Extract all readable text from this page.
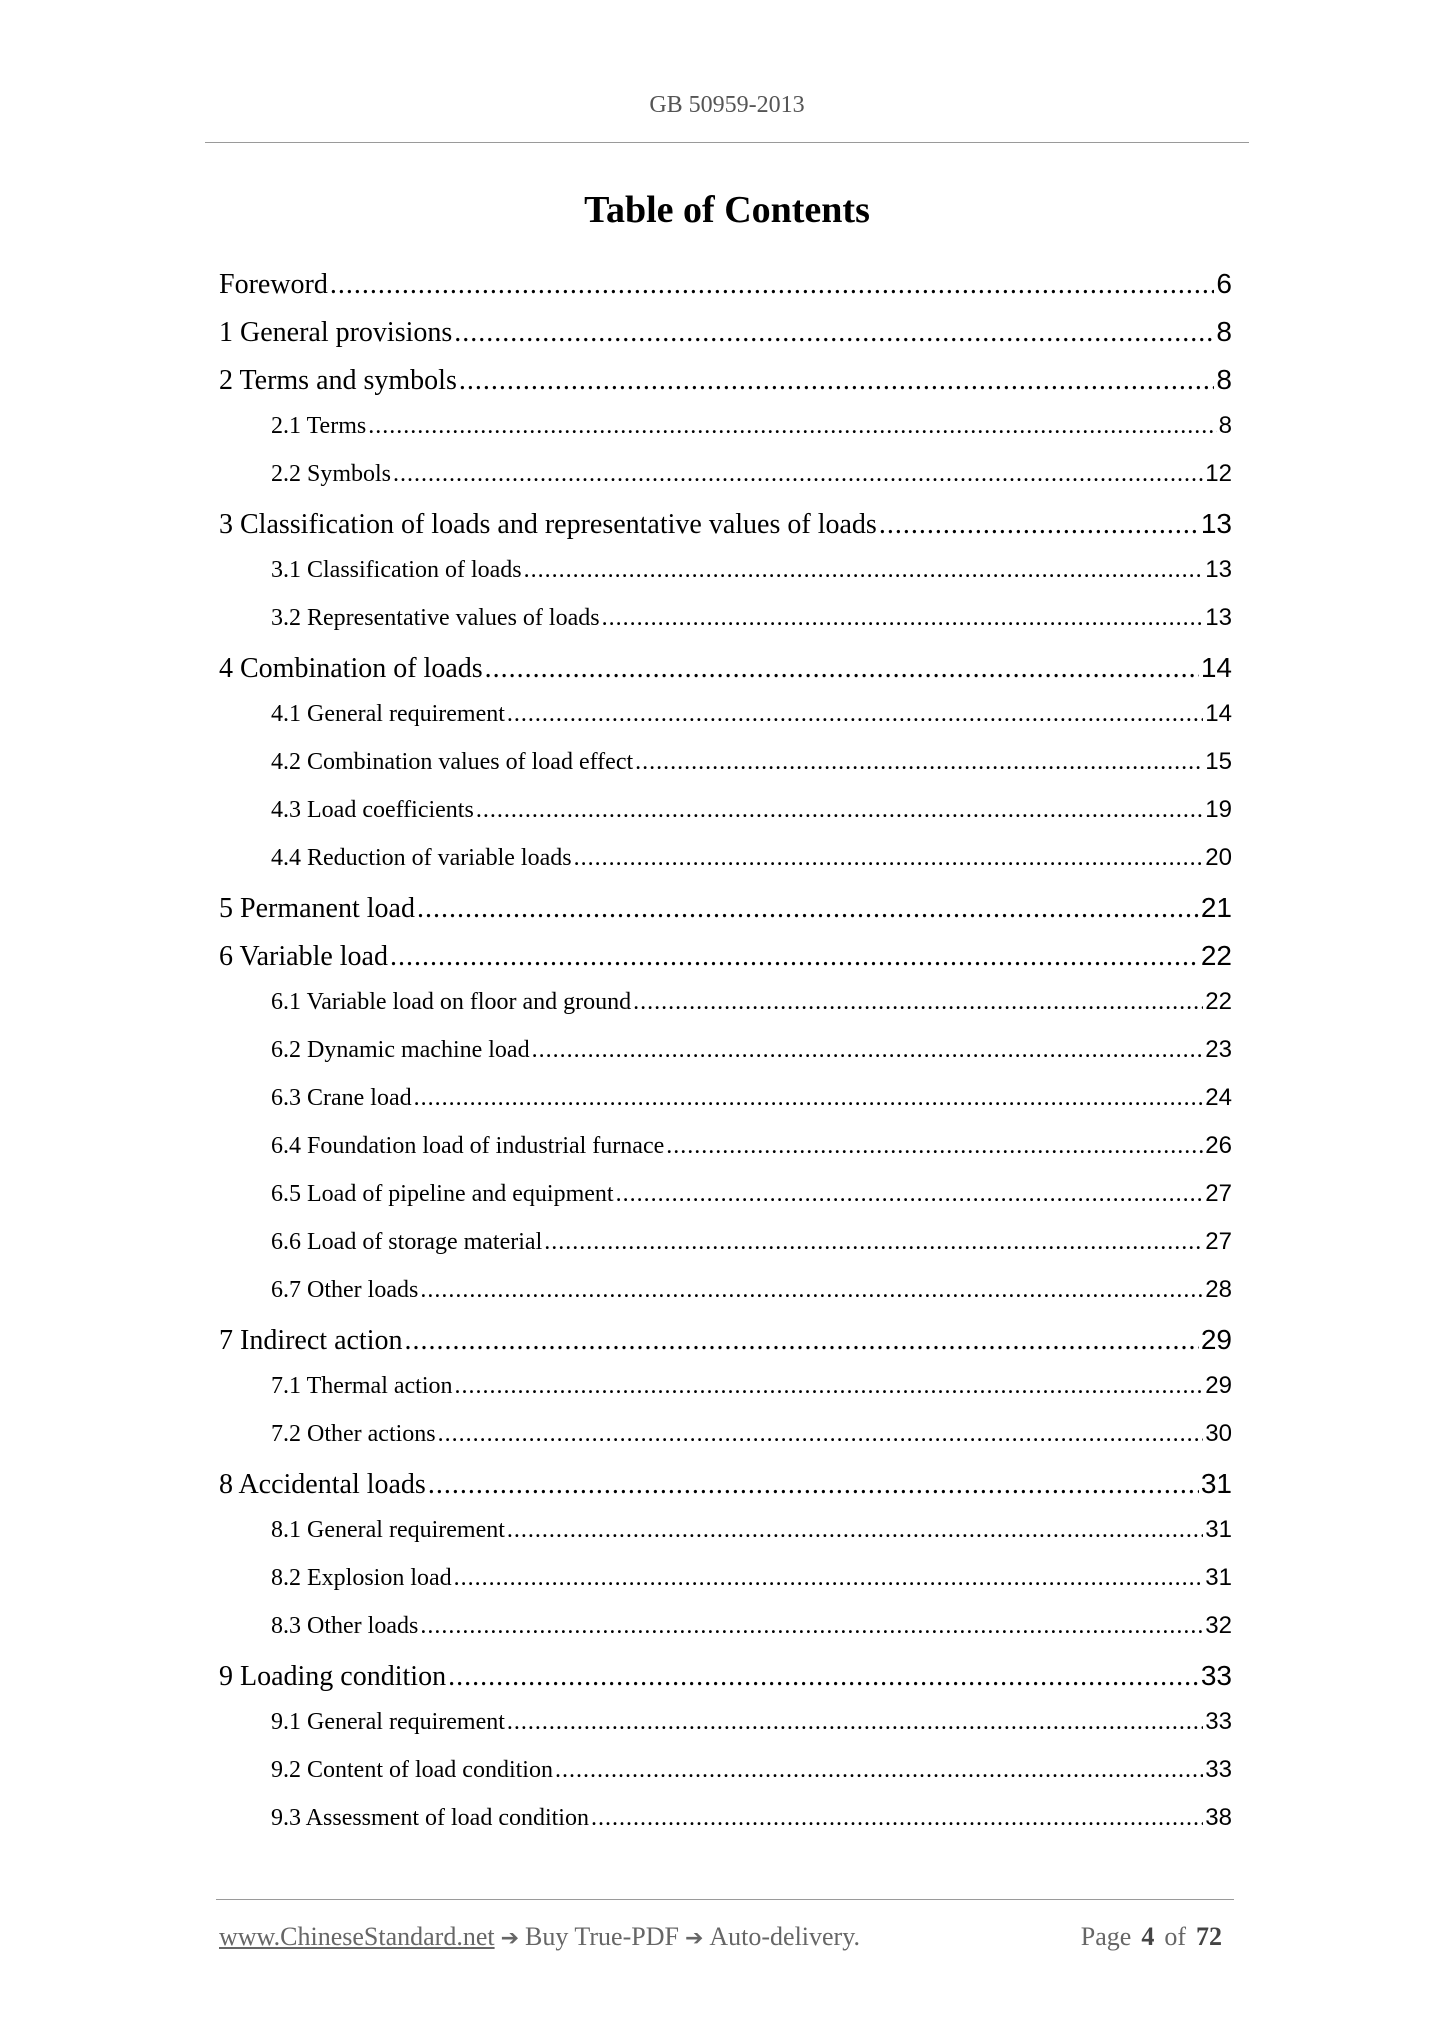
GB 50959-2013
Table of Contents
Foreword .....	6
1 General provisions .....	8
2 Terms and symbols .....	8
2.1 Terms .....	8
2.2 Symbols .....	12
3 Classification of loads and representative values of loads .....	13
3.1 Classification of loads .....	13
3.2 Representative values of loads .....	13
4 Combination of loads .....	14
4.1 General requirement .....	14
4.2 Combination values of load effect .....	15
4.3 Load coefficients .....	19
4.4 Reduction of variable loads .....	20
5 Permanent load .....	21
6 Variable load .....	22
6.1 Variable load on floor and ground .....	22
6.2 Dynamic machine load .....	23
6.3 Crane load .....	24
6.4 Foundation load of industrial furnace .....	26
6.5 Load of pipeline and equipment .....	27
6.6 Load of storage material .....	27
6.7 Other loads .....	28
7 Indirect action .....	29
7.1 Thermal action .....	29
7.2 Other actions .....	30
8 Accidental loads .....	31
8.1 General requirement .....	31
8.2 Explosion load .....	31
8.3 Other loads .....	32
9 Loading condition .....	33
9.1 General requirement .....	33
9.2 Content of load condition .....	33
9.3 Assessment of load condition .....	38
www.ChineseStandard.net ➔ Buy True-PDF ➔ Auto-delivery.	Page 4 of 72
